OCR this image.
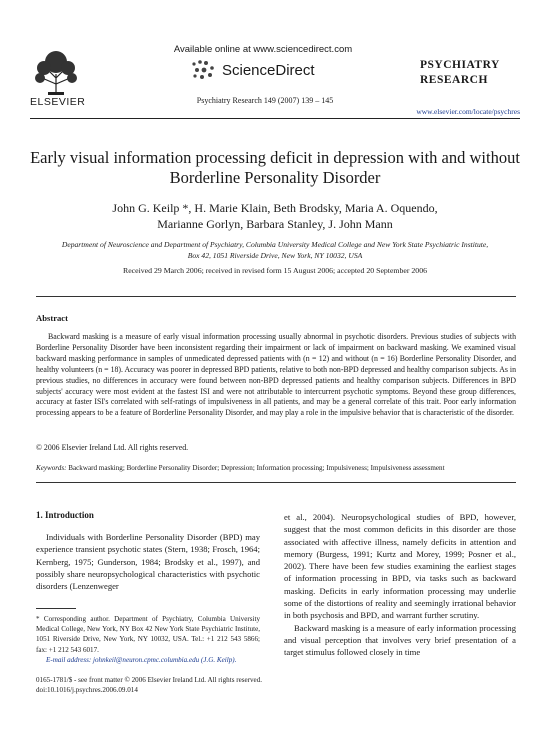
ELSEVIER
Available online at www.sciencedirect.com
ScienceDirect
Psychiatry Research 149 (2007) 139 – 145
PSYCHIATRY
RESEARCH
www.elsevier.com/locate/psychres
Early visual information processing deficit in depression with and without Borderline Personality Disorder
John G. Keilp *, H. Marie Klain, Beth Brodsky, Maria A. Oquendo,
Marianne Gorlyn, Barbara Stanley, J. John Mann
Department of Neuroscience and Department of Psychiatry, Columbia University Medical College and New York State Psychiatric Institute,
Box 42, 1051 Riverside Drive, New York, NY 10032, USA
Received 29 March 2006; received in revised form 15 August 2006; accepted 20 September 2006
Abstract
Backward masking is a measure of early visual information processing usually abnormal in psychotic disorders. Previous studies of subjects with Borderline Personality Disorder have been inconsistent regarding their impairment or lack of impairment on backward masking. We examined visual backward masking performance in samples of unmedicated depressed patients with (n = 12) and without (n = 16) Borderline Personality Disorder, and healthy volunteers (n = 18). Accuracy was poorer in depressed BPD patients, relative to both non-BPD depressed and healthy comparison subjects. As in previous studies, no differences in accuracy were found between non-BPD depressed patients and healthy comparison subjects. Differences in BPD subjects' accuracy were most evident at the fastest ISI and were not attributable to intercurrent psychotic symptoms. Beyond these group differences, accuracy at faster ISI's correlated with self-ratings of impulsiveness in all patients, and may be a general correlate of this trait. Poor early information processing appears to be a feature of Borderline Personality Disorder, and may play a role in the impulsive behavior that is characteristic of the disorder.
© 2006 Elsevier Ireland Ltd. All rights reserved.
Keywords: Backward masking; Borderline Personality Disorder; Depression; Information processing; Impulsiveness; Impulsiveness assessment
1. Introduction
Individuals with Borderline Personality Disorder (BPD) may experience transient psychotic states (Stern, 1938; Frosch, 1964; Kernberg, 1975; Gunderson, 1984; Brodsky et al., 1997), and possibly share neuropsychological characteristics with psychotic disorders (Lenzenweger

et al., 2004). Neuropsychological studies of BPD, however, suggest that the most common deficits in this disorder are those associated with affective illness, namely deficits in attention and memory (Burgess, 1991; Kurtz and Morey, 1999; Posner et al., 2002). There have been few studies examining the earliest stages of information processing in BPD, via tasks such as backward masking. Deficits in early information processing may underlie some of the distortions of reality and seemingly irrational behavior in both psychosis and BPD, and warrant further scrutiny.

Backward masking is a measure of early information processing and visual perception that involves very brief presentation of a target stimulus followed closely in time

* Corresponding author. Department of Psychiatry, Columbia University Medical College, New York, NY Box 42 New York State Psychiatric Institute, 1051 Riverside Drive, New York, NY 10032, USA. Tel.: +1 212 543 5866; fax: +1 212 543 6017.
E-mail address: johnkeil@neuron.cpmc.columbia.edu (J.G. Keilp).
0165-1781/$ - see front matter © 2006 Elsevier Ireland Ltd. All rights reserved.
doi:10.1016/j.psychres.2006.09.014
